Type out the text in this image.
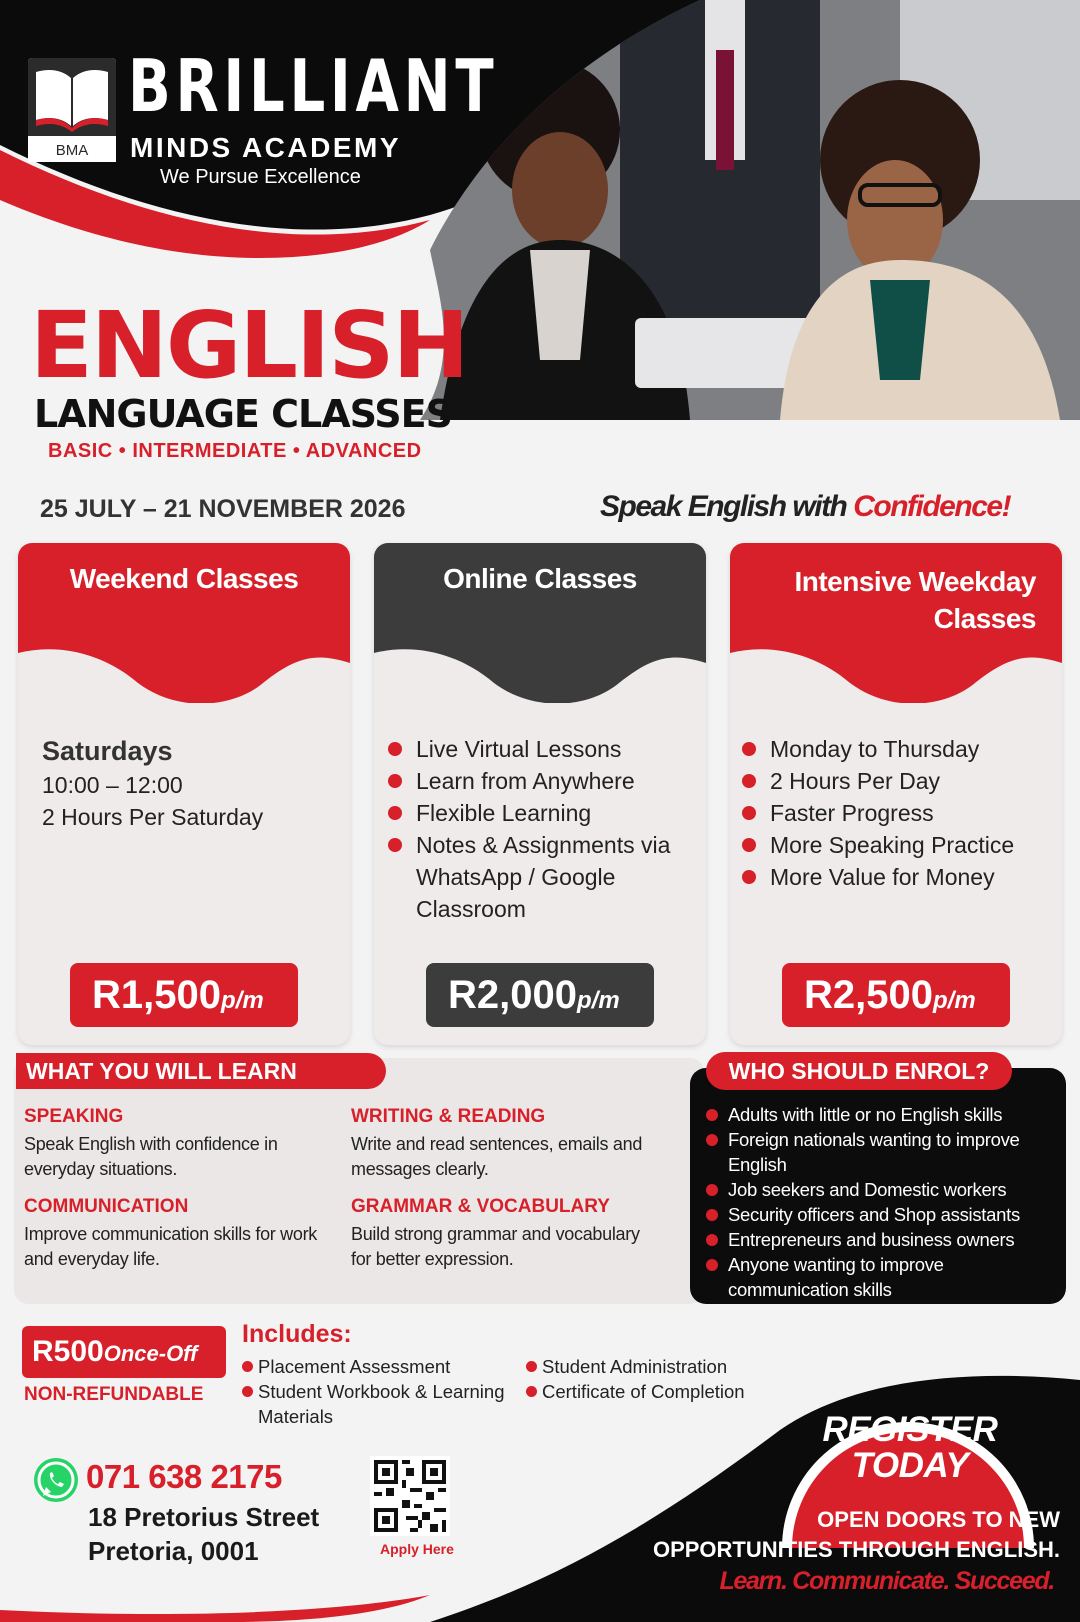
BMA
BRILLIANT
MINDS ACADEMY
We Pursue Excellence
ENGLISH
LANGUAGE CLASSES
BASIC • INTERMEDIATE • ADVANCED
25 JULY – 21 NOVEMBER 2026	Speak English with Confidence!
Weekend Classes
Saturdays
10:00 – 12:00
2 Hours Per Saturday
R1,500p/m
Online Classes
Live Virtual Lessons
Learn from Anywhere
Flexible Learning
Notes & Assignments via WhatsApp / Google Classroom
R2,000p/m
Intensive Weekday
Classes
Monday to Thursday
2 Hours Per Day
Faster Progress
More Speaking Practice
More Value for Money
R2,500p/m
WHAT YOU WILL LEARN
SPEAKING

Speak English with confidence in everyday situations.

WRITING & READING

Write and read sentences, emails and messages clearly.

COMMUNICATION

Improve communication skills for work and everyday life.

GRAMMAR & VOCABULARY

Build strong grammar and vocabulary for better expression.

WHO SHOULD ENROL?
Adults with little or no English skills
Foreign nationals wanting to improve English
Job seekers and Domestic workers
Security officers and Shop assistants
Entrepreneurs and business owners
Anyone wanting to improve communication skills
REGISTER
TODAY
R500Once-Off
NON-REFUNDABLE
Includes:
Placement Assessment
Student Workbook & Learning Materials
Student Administration
Certificate of Completion
071 638 2175
18 Pretorius Street
Pretoria, 0001	Apply Here
OPEN DOORS TO NEW
OPPORTUNITIES THROUGH ENGLISH.
Learn. Communicate. Succeed.
